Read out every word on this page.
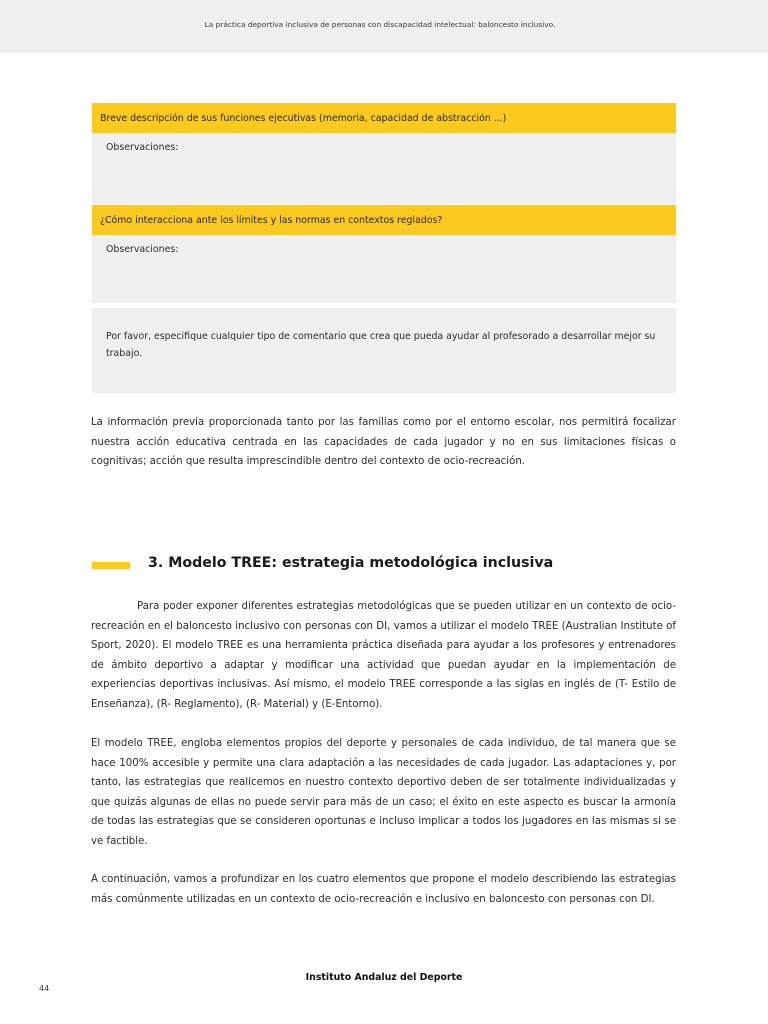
La práctica deportiva inclusiva de personas con discapacidad intelectual: baloncesto inclusivo.
Breve descripción de sus funciones ejecutivas (memoria, capacidad de abstracción ...)
Observaciones:
¿Cómo interacciona ante los límites y las normas en contextos reglados?
Observaciones:
Por favor, especifique cualquier tipo de comentario que crea que pueda ayudar al profesorado a desarrollar mejor su trabajo.
La información previa proporcionada tanto por las familias como por el entorno escolar, nos permitirá focalizar nuestra acción educativa centrada en las capacidades de cada jugador y no en sus limitaciones físicas o cognitivas; acción que resulta imprescindible dentro del contexto de ocio-recreación.
3. Modelo TREE: estrategia metodológica inclusiva
Para poder exponer diferentes estrategias metodológicas que se pueden utilizar en un contexto de ocio-recreación en el baloncesto inclusivo con personas con DI, vamos a utilizar el modelo TREE (Australian Institute of Sport, 2020). El modelo TREE es una herramienta práctica diseñada para ayudar a los profesores y entrenadores de ámbito deportivo a adaptar y modificar una actividad que puedan ayudar en la implementación de experiencias deportivas inclusivas. Así mismo, el modelo TREE corresponde a las siglas en inglés de (T- Estilo de Enseñanza), (R- Reglamento), (R- Material) y (E-Entorno).
El modelo TREE, engloba elementos propios del deporte y personales de cada individuo, de tal manera que se hace 100% accesible y permite una clara adaptación a las necesidades de cada jugador. Las adaptaciones y, por tanto, las estrategias que realicemos en nuestro contexto deportivo deben de ser totalmente individualizadas y que quizás algunas de ellas no puede servir para más de un caso; el éxito en este aspecto es buscar la armonía de todas las estrategias que se consideren oportunas e incluso implicar a todos los jugadores en las mismas si se ve factible.
A continuación, vamos a profundizar en los cuatro elementos que propone el modelo describiendo las estrategias más comúnmente utilizadas en un contexto de ocio-recreación e inclusivo en baloncesto con personas con DI.
Instituto Andaluz del Deporte
44
